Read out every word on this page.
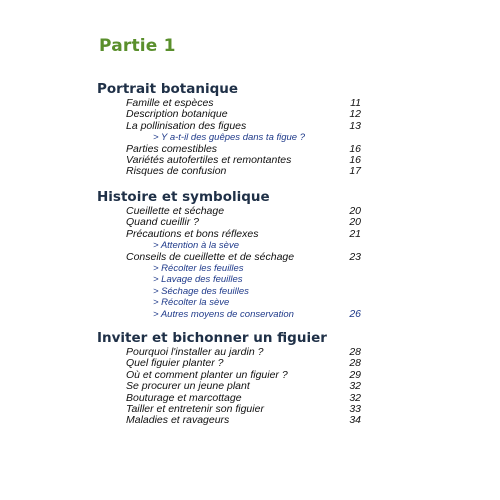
Partie 1
Portrait botanique
Famille et espèces	11
Description botanique	12
La pollinisation des figues	13
> Y a-t-il des guêpes dans ta figue ?
Parties comestibles	16
Variétés autofertiles et remontantes	16
Risques de confusion	17
Histoire et symbolique
Cueillette et séchage	20
Quand cueillir ?	20
Précautions et bons réflexes	21
> Attention à la sève
Conseils de cueillette et de séchage	23
> Récolter les feuilles
> Lavage des feuilles
> Séchage des feuilles
> Récolter la sève
> Autres moyens de conservation	26
Inviter et bichonner un figuier
Pourquoi l'installer au jardin ?	28
Quel figuier planter ?	28
Où et comment planter un figuier ?	29
Se procurer un jeune plant	32
Bouturage et marcottage	32
Tailler et entretenir son figuier	33
Maladies et ravageurs	34
